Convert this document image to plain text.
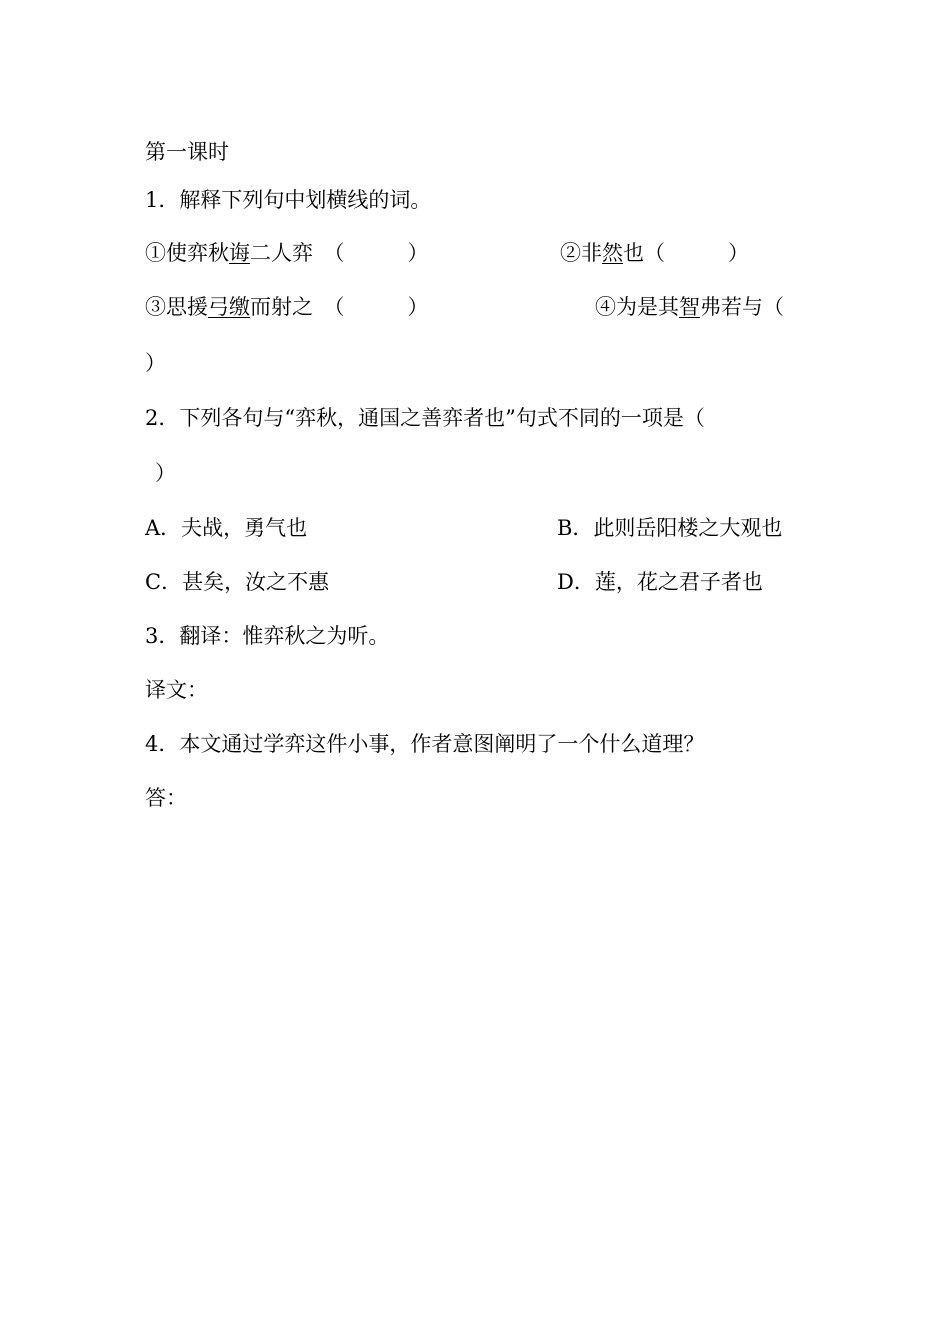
第一课时

1．解释下列句中划横线的词。

①使弈秋诲二人弈　（　　　）	②非然也（　　　）
③思援弓缴而射之　（　　　）	④为是其智弗若与（

）

2．下列各句与“弈秋，通国之善弈者也”句式不同的一项是（

）

A．夫战，勇气也	B．此则岳阳楼之大观也

C．甚矣，汝之不惠	D．莲，花之君子者也

3．翻译：惟弈秋之为听。

译文：

4．本文通过学弈这件小事，作者意图阐明了一个什么道理？

答：
